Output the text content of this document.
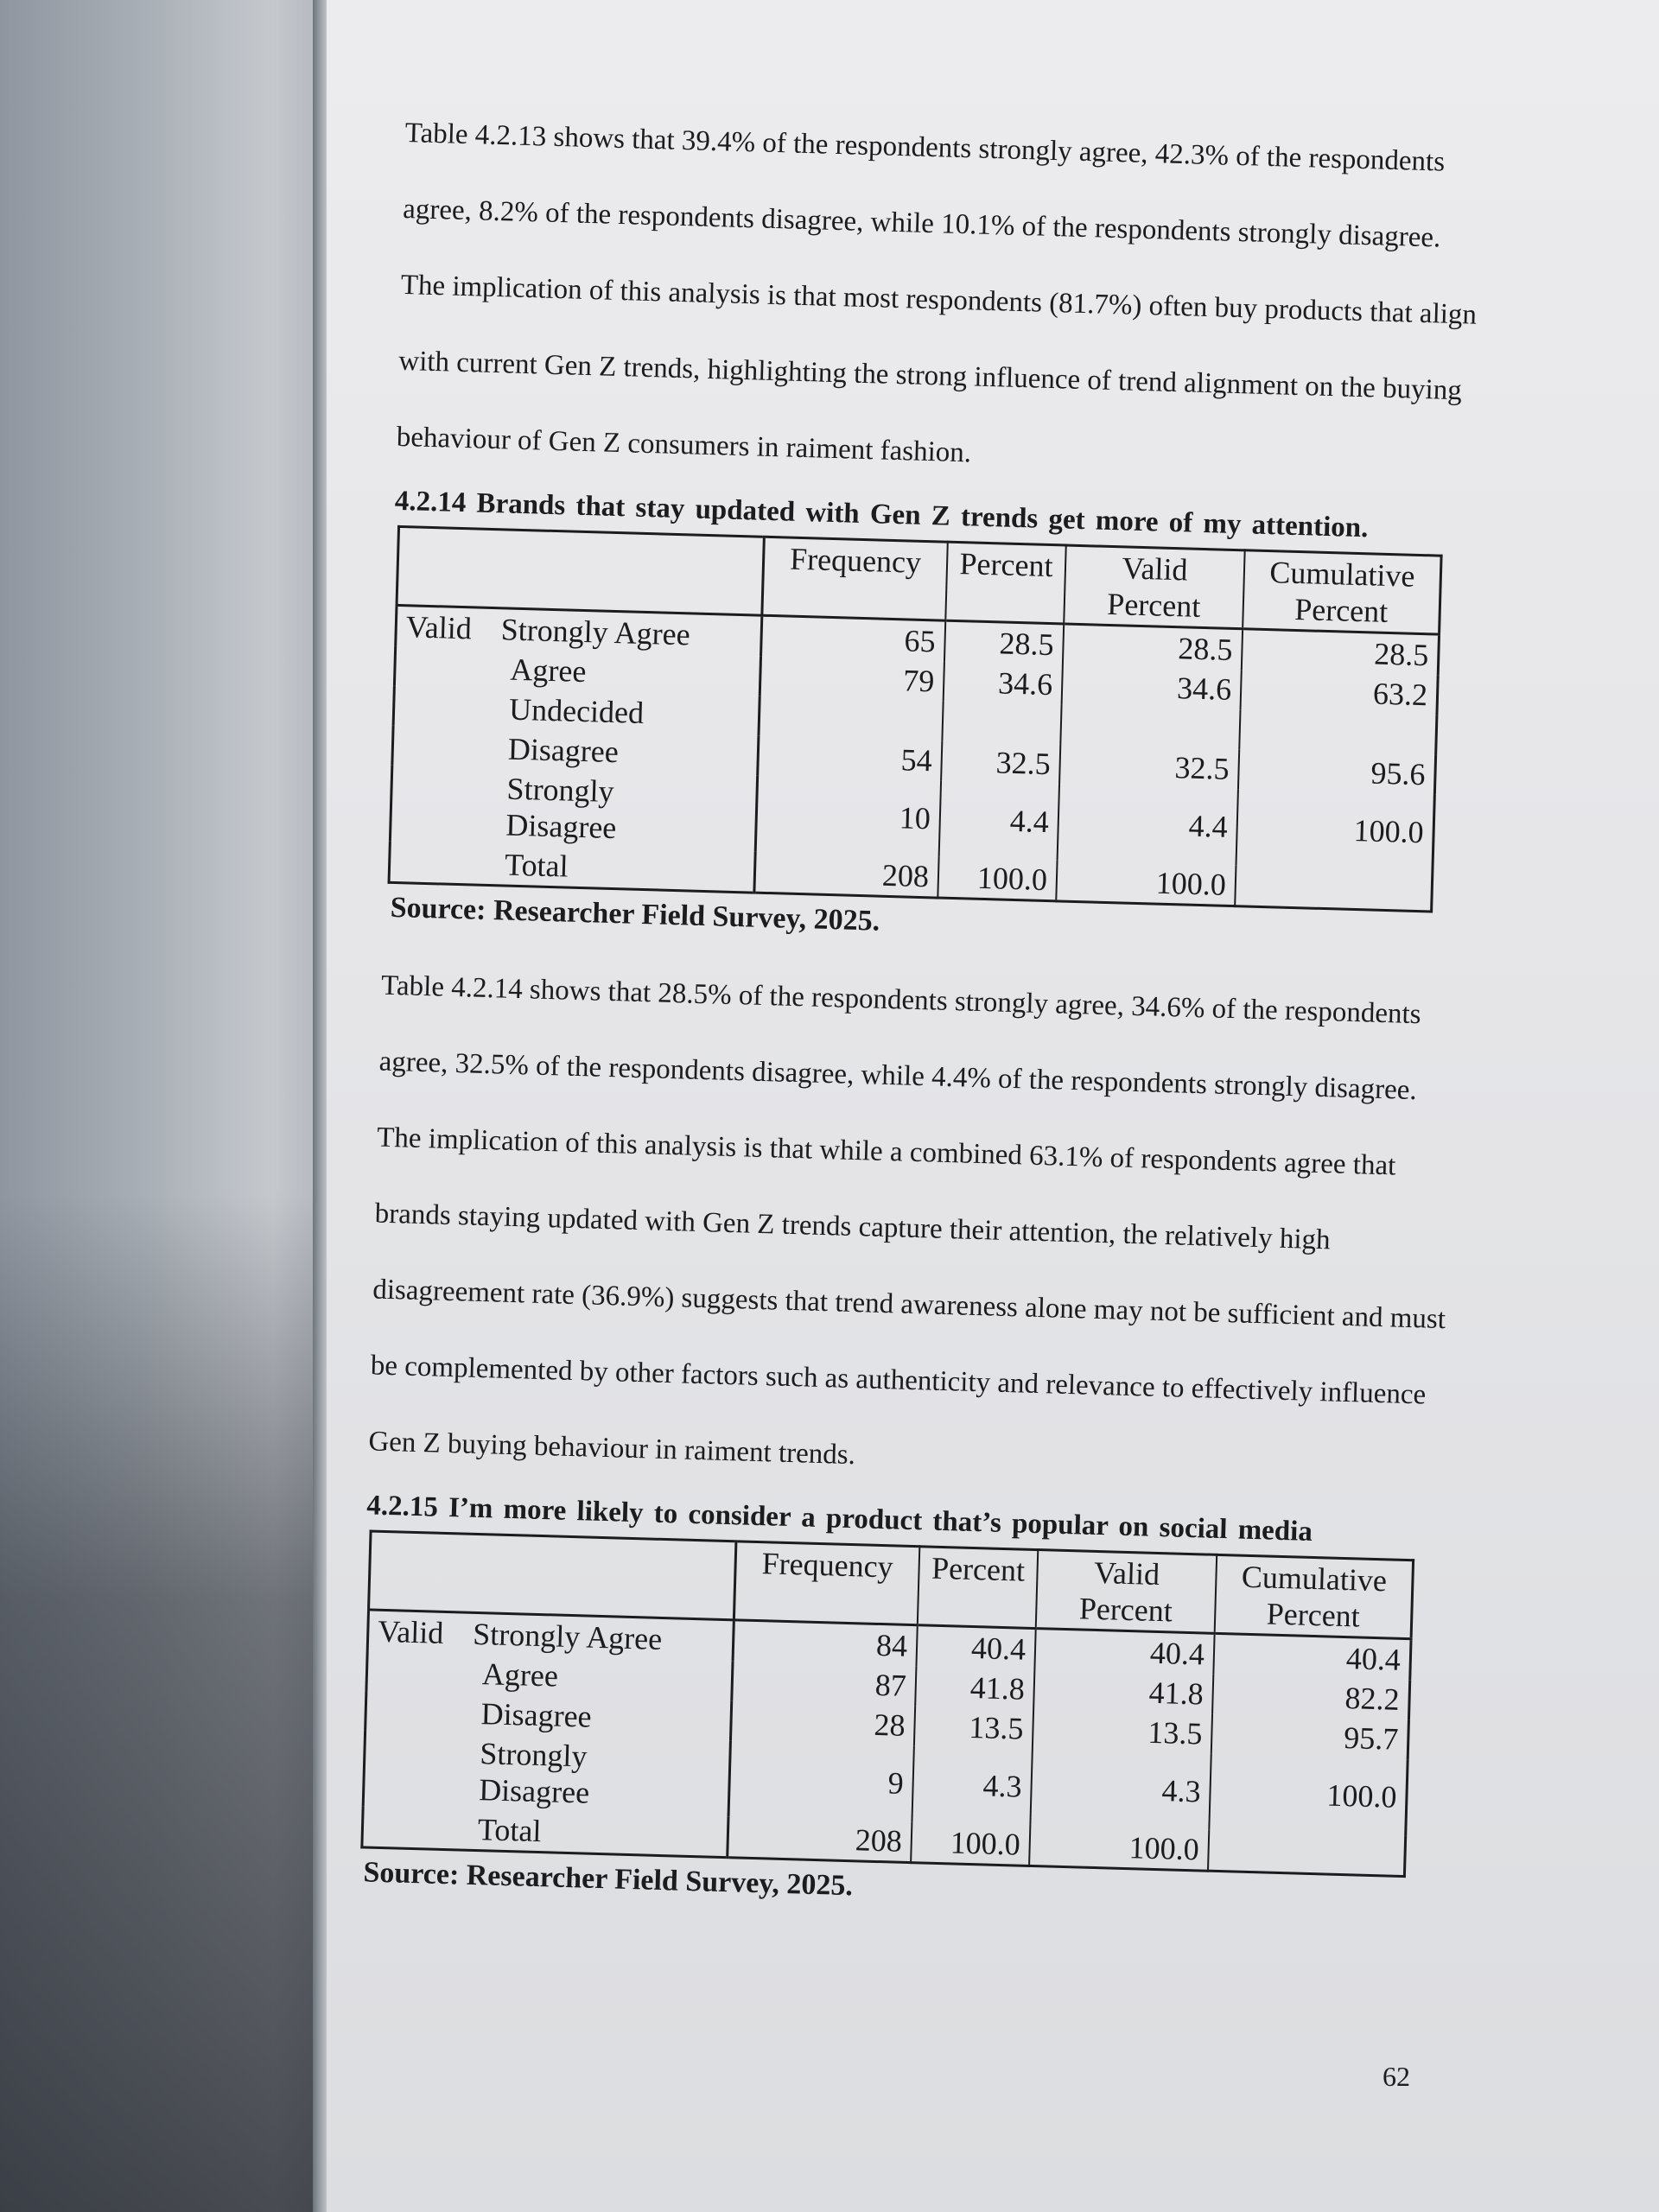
Table 4.2.13 shows that 39.4% of the respondents strongly agree, 42.3% of the respondents

agree, 8.2% of the respondents disagree, while 10.1% of the respondents strongly disagree.

The implication of this analysis is that most respondents (81.7%) often buy products that align

with current Gen Z trends, highlighting the strong influence of trend alignment on the buying

behaviour of Gen Z consumers in raiment fashion.

4.2.14 Brands that stay updated with Gen Z trends get more of my attention.
	Frequency	Percent	Valid Percent	Cumulative Percent
Valid Strongly Agree	65	28.5	28.5	28.5

Agree	79	34.6	34.6	63.2

Undecided				

Disagree	54	32.5	32.5	95.6

Strongly Disagree	10	4.4	4.4	100.0

Total	208	100.0	100.0	
Source: Researcher Field Survey, 2025.

Table 4.2.14 shows that 28.5% of the respondents strongly agree, 34.6% of the respondents

agree, 32.5% of the respondents disagree, while 4.4% of the respondents strongly disagree.

The implication of this analysis is that while a combined 63.1% of respondents agree that

brands staying updated with Gen Z trends capture their attention, the relatively high

disagreement rate (36.9%) suggests that trend awareness alone may not be sufficient and must

be complemented by other factors such as authenticity and relevance to effectively influence

Gen Z buying behaviour in raiment trends.

4.2.15 I’m more likely to consider a product that’s popular on social media
	Frequency	Percent	Valid Percent	Cumulative Percent
Valid Strongly Agree	84	40.4	40.4	40.4

Agree	87	41.8	41.8	82.2

Disagree	28	13.5	13.5	95.7

Strongly Disagree	9	4.3	4.3	100.0

Total	208	100.0	100.0	
Source: Researcher Field Survey, 2025.
62
